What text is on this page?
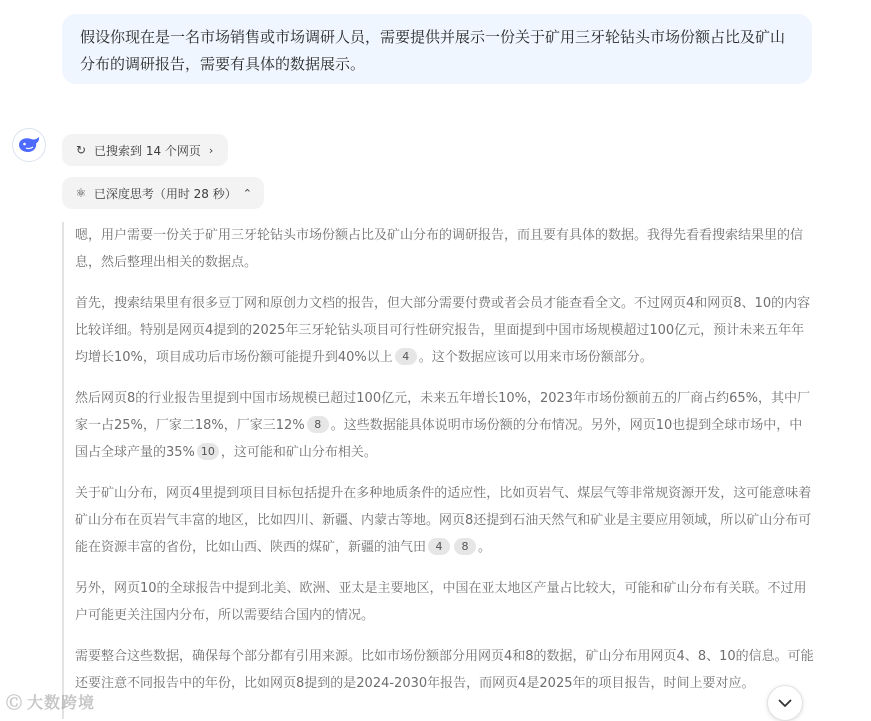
假设你现在是一名市场销售或市场调研人员，需要提供并展示一份关于矿用三牙轮钻头市场份额占比及矿山分布的调研报告，需要有具体的数据展示。
↻ 已搜索到 14 个网页 ›
⚛ 已深度思考（用时 28 秒） ⌃

嗯，用户需要一份关于矿用三牙轮钻头市场份额占比及矿山分布的调研报告，而且要有具体的数据。我得先看看搜索结果里的信息，然后整理出相关的数据点。

首先，搜索结果里有很多豆丁网和原创力文档的报告，但大部分需要付费或者会员才能查看全文。不过网页4和网页8、10的内容比较详细。特别是网页4提到的2025年三牙轮钻头项目可行性研究报告，里面提到中国市场规模超过100亿元，预计未来五年年均增长10%，项目成功后市场份额可能提升到40%以上 4 。这个数据应该可以用来市场份额部分。

然后网页8的行业报告里提到中国市场规模已超过100亿元，未来五年增长10%，2023年市场份额前五的厂商占约65%，其中厂家一占25%，厂家二18%，厂家三12% 8 。这些数据能具体说明市场份额的分布情况。另外，网页10也提到全球市场中，中国占全球产量的35% 10 ，这可能和矿山分布相关。

关于矿山分布，网页4里提到项目目标包括提升在多种地质条件的适应性，比如页岩气、煤层气等非常规资源开发，这可能意味着矿山分布在页岩气丰富的地区，比如四川、新疆、内蒙古等地。网页8还提到石油天然气和矿业是主要应用领域，所以矿山分布可能在资源丰富的省份，比如山西、陕西的煤矿，新疆的油气田 4 8 。

另外，网页10的全球报告中提到北美、欧洲、亚太是主要地区，中国在亚太地区产量占比较大，可能和矿山分布有关联。不过用户可能更关注国内分布，所以需要结合国内的情况。

需要整合这些数据，确保每个部分都有引用来源。比如市场份额部分用网页4和8的数据，矿山分布用网页4、8、10的信息。可能还要注意不同报告中的年份，比如网页8提到的是2024-2030年报告，而网页4是2025年的项目报告，时间上要对应。

Ⓒ 大数跨境
